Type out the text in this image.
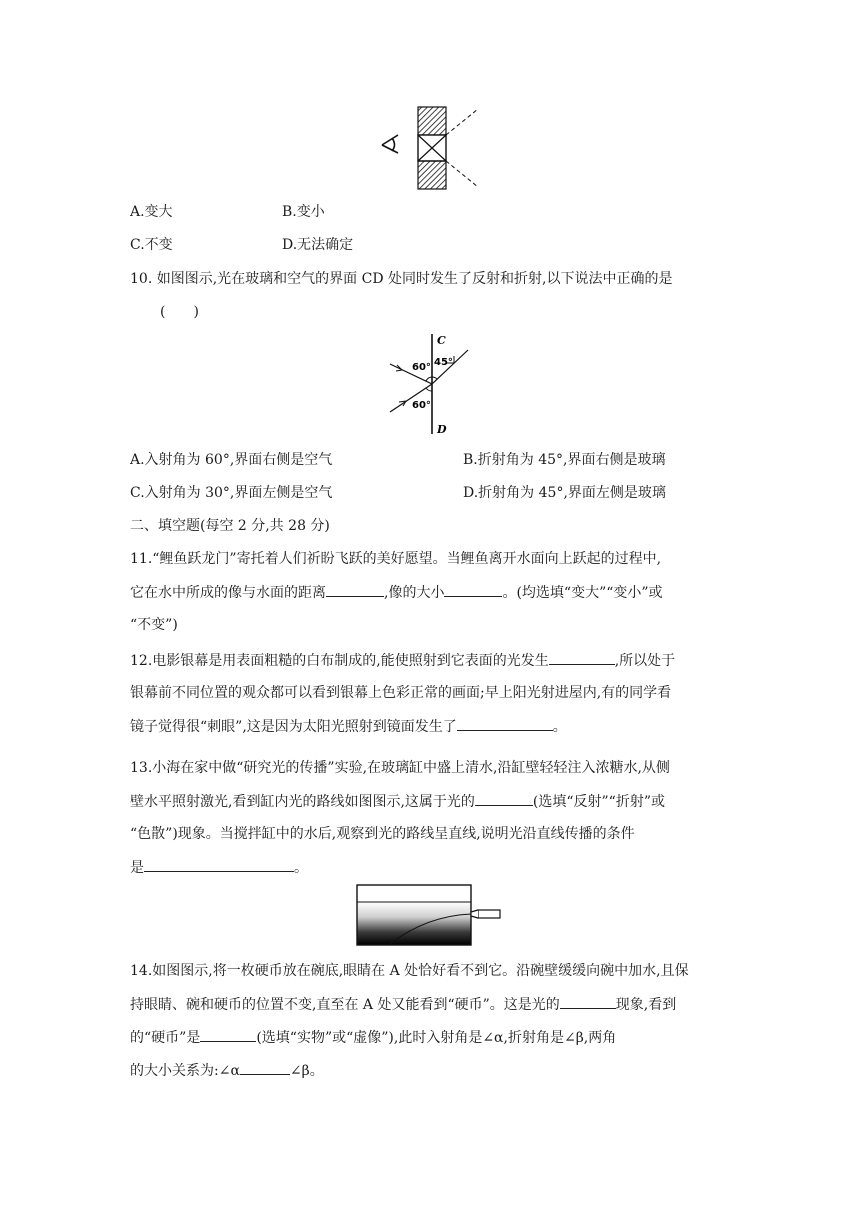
A.变大	B.变小
C.不变	D.无法确定
10. 如图图示,光在玻璃和空气的界面 CD 处同时发生了反射和折射,以下说法中正确的是
(　　)
C
D
60° 45°
60°
A.入射角为 60°,界面右侧是空气	B.折射角为 45°,界面右侧是玻璃
C.入射角为 30°,界面左侧是空气	D.折射角为 45°,界面左侧是玻璃
二、填空题(每空 2 分,共 28 分)
11.“鲤鱼跃龙门”寄托着人们祈盼飞跃的美好愿望。当鲤鱼离开水面向上跃起的过程中,
它在水中所成的像与水面的距离	,像的大小	。(均选填“变大”“变小”或
“不变”)
12.电影银幕是用表面粗糙的白布制成的,能使照射到它表面的光发生	,所以处于
银幕前不同位置的观众都可以看到银幕上色彩正常的画面;早上阳光射进屋内,有的同学看
镜子觉得很“刺眼”,这是因为太阳光照射到镜面发生了	。
13.小海在家中做“研究光的传播”实验,在玻璃缸中盛上清水,沿缸壁轻轻注入浓糖水,从侧
壁水平照射激光,看到缸内光的路线如图图示,这属于光的	(选填“反射”“折射”或
“色散”)现象。当搅拌缸中的水后,观察到光的路线呈直线,说明光沿直线传播的条件
是	。
14.如图图示,将一枚硬币放在碗底,眼睛在 A 处恰好看不到它。沿碗壁缓缓向碗中加水,且保
持眼睛、碗和硬币的位置不变,直至在 A 处又能看到“硬币”。这是光的	现象,看到
的“硬币”是	(选填“实物”或“虚像”),此时入射角是∠α,折射角是∠β,两角
的大小关系为:∠α	∠β。
